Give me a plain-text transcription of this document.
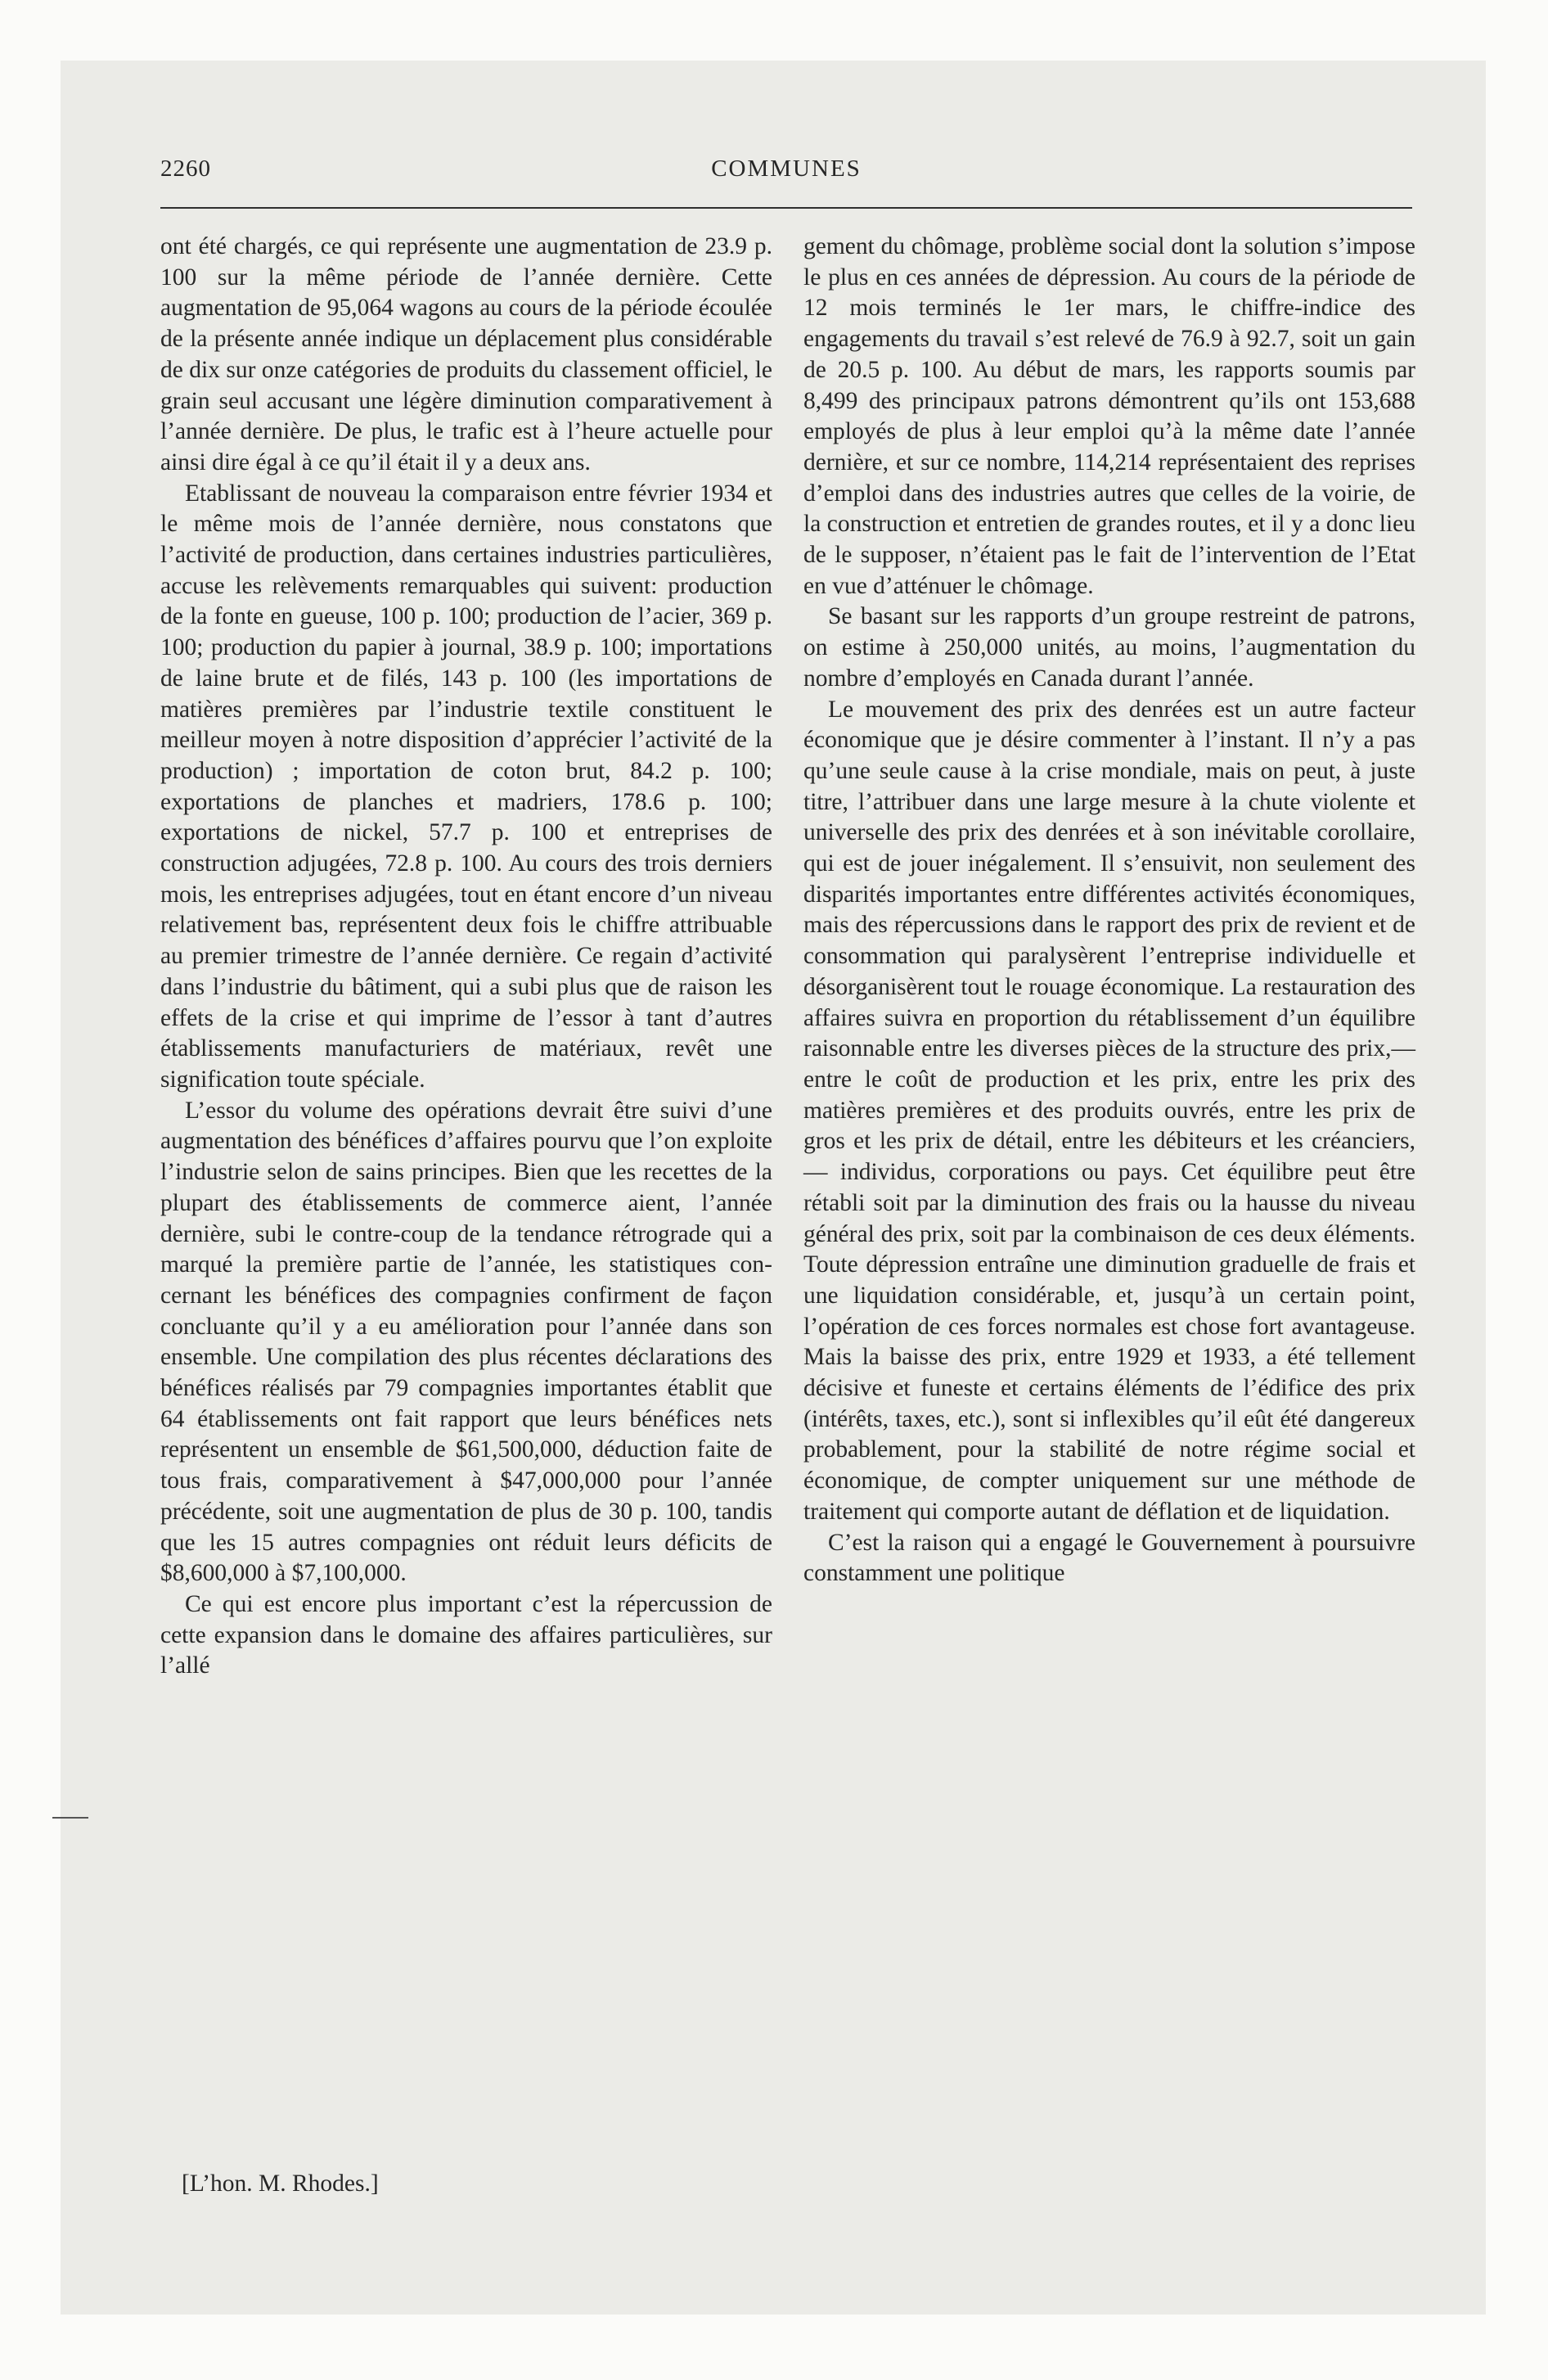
2260	COMMUNES

ont été chargés, ce qui représente une augmentation de 23.9 p. 100 sur la même période de l’année dernière. Cette augmentation de 95,064 wagons au cours de la période écoulée de la présente année indique un déplacement plus considérable de dix sur onze catégories de produits du classement officiel, le grain seul accusant une légère diminution comparativement à l’année dernière. De plus, le trafic est à l’heure actuelle pour ainsi dire égal à ce qu’il était il y a deux ans.

Etablissant de nouveau la comparaison entre février 1934 et le même mois de l’année dernière, nous constatons que l’activité de production, dans certaines industries particulières, accuse les relèvements remarquables qui suivent: production de la fonte en gueuse, 100 p. 100; production de l’acier, 369 p. 100; production du papier à journal, 38.9 p. 100; importations de laine brute et de filés, 143 p. 100 (les importations de matières premières par l’industrie textile constituent le meilleur moyen à notre disposition d’apprécier l’activité de la production) ; importation de coton brut, 84.2 p. 100; exportations de planches et madriers, 178.6 p. 100; exportations de nickel, 57.7 p. 100 et entreprises de construction adjugées, 72.8 p. 100. Au cours des trois derniers mois, les entreprises adjugées, tout en étant encore d’un niveau relativement bas, représentent deux fois le chiffre attribuable au premier trimestre de l’année dernière. Ce regain d’activité dans l’industrie du bâtiment, qui a subi plus que de raison les effets de la crise et qui imprime de l’essor à tant d’autres établissements manufacturiers de matériaux, revêt une signification toute spéciale.

L’essor du volume des opérations devrait être suivi d’une augmentation des bénéfices d’affaires pourvu que l’on exploite l’industrie selon de sains principes. Bien que les recettes de la plupart des établissements de commerce aient, l’année dernière, subi le contre-coup de la tendance rétrograde qui a marqué la première partie de l’année, les statistiques concernant les bénéfices des compagnies confirment de façon concluante qu’il y a eu amélioration pour l’année dans son ensemble. Une compilation des plus récentes déclarations des bénéfices réalisés par 79 compagnies importantes établit que 64 établissements ont fait rapport que leurs bénéfices nets représentent un ensemble de $61,500,000, déduction faite de tous frais, comparativement à $47,000,000 pour l’année précédente, soit une augmentation de plus de 30 p. 100, tandis que les 15 autres compagnies ont réduit leurs déficits de $8,600,000 à $7,100,000.

Ce qui est encore plus important c’est la répercussion de cette expansion dans le domaine des affaires particulières, sur l’allé

[L’hon. M. Rhodes.]

gement du chômage, problème social dont la solution s’impose le plus en ces années de dépression. Au cours de la période de 12 mois terminés le 1er mars, le chiffre-indice des engagements du travail s’est relevé de 76.9 à 92.7, soit un gain de 20.5 p. 100. Au début de mars, les rapports soumis par 8,499 des principaux patrons démontrent qu’ils ont 153,688 employés de plus à leur emploi qu’à la même date l’année dernière, et sur ce nombre, 114,214 représentaient des reprises d’emploi dans des industries autres que celles de la voirie, de la construction et entretien de grandes routes, et il y a donc lieu de le supposer, n’étaient pas le fait de l’intervention de l’Etat en vue d’atténuer le chômage.

Se basant sur les rapports d’un groupe restreint de patrons, on estime à 250,000 unités, au moins, l’augmentation du nombre d’employés en Canada durant l’année.

Le mouvement des prix des denrées est un autre facteur économique que je désire commenter à l’instant. Il n’y a pas qu’une seule cause à la crise mondiale, mais on peut, à juste titre, l’attribuer dans une large mesure à la chute violente et universelle des prix des denrées et à son inévitable corollaire, qui est de jouer inégalement. Il s’ensuivit, non seulement des disparités importantes entre différentes activités économiques, mais des répercussions dans le rapport des prix de revient et de consommation qui paralysèrent l’entreprise individuelle et désorganisèrent tout le rouage économique. La restauration des affaires suivra en proportion du rétablissement d’un équilibre raisonnable entre les diverses pièces de la structure des prix,—entre le coût de production et les prix, entre les prix des matières premières et des produits ouvrés, entre les prix de gros et les prix de détail, entre les débiteurs et les créanciers, — individus, corporations ou pays. Cet équilibre peut être rétabli soit par la diminution des frais ou la hausse du niveau général des prix, soit par la combinaison de ces deux éléments. Toute dépression entraîne une diminution graduelle de frais et une liquidation considérable, et, jusqu’à un certain point, l’opération de ces forces normales est chose fort avantageuse. Mais la baisse des prix, entre 1929 et 1933, a été tellement décisive et funeste et certains éléments de l’édifice des prix (intérêts, taxes, etc.), sont si inflexibles qu’il eût été dangereux probablement, pour la stabilité de notre régime social et économique, de compter uniquement sur une méthode de traitement qui comporte autant de déflation et de liquidation.

C’est la raison qui a engagé le Gouvernement à poursuivre constamment une politique
